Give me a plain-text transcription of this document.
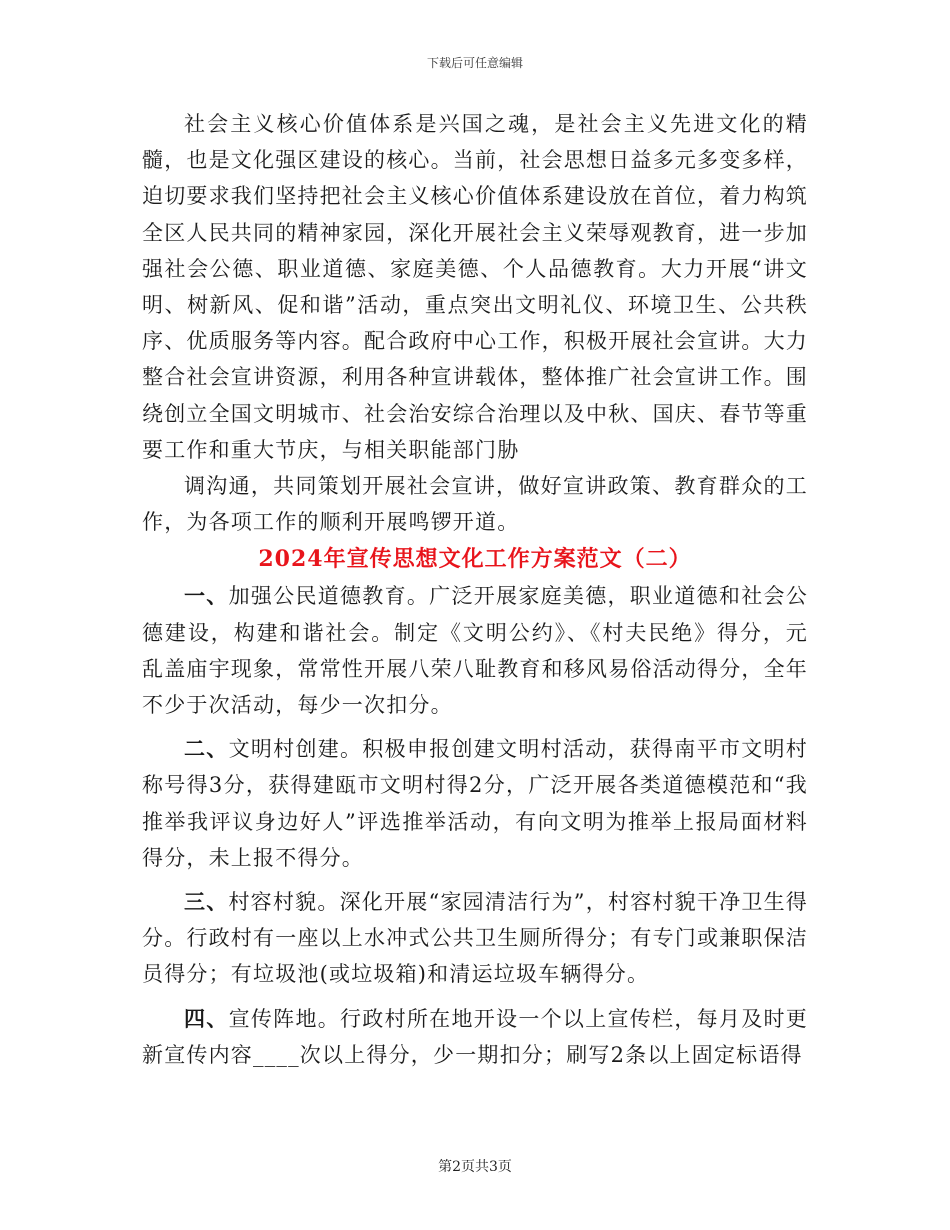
下载后可任意编辑

社会主义核心价值体系是兴国之魂，是社会主义先进文化的精髓，也是文化强区建设的核心。当前，社会思想日益多元多变多样，迫切要求我们坚持把社会主义核心价值体系建设放在首位，着力构筑全区人民共同的精神家园，深化开展社会主义荣辱观教育，进一步加强社会公德、职业道德、家庭美德、个人品德教育。大力开展“讲文明、树新风、促和谐”活动，重点突出文明礼仪、环境卫生、公共秩序、优质服务等内容。配合政府中心工作，积极开展社会宣讲。大力整合社会宣讲资源，利用各种宣讲载体，整体推广社会宣讲工作。围绕创立全国文明城市、社会治安综合治理以及中秋、国庆、春节等重要工作和重大节庆，与相关职能部门胁

调沟通，共同策划开展社会宣讲，做好宣讲政策、教育群众的工作，为各项工作的顺利开展鸣锣开道。

2024年宣传思想文化工作方案范文（二）

一、加强公民道德教育。广泛开展家庭美德，职业道德和社会公德建设，构建和谐社会。制定《文明公约》、《村夫民绝》得分，元乱盖庙宇现象，常常性开展八荣八耻教育和移风易俗活动得分，全年不少于次活动，每少一次扣分。

二、文明村创建。积极申报创建文明村活动，获得南平市文明村称号得3分，获得建瓯市文明村得2分，广泛开展各类道德模范和“我推举我评议身边好人”评选推举活动，有向文明为推举上报局面材料得分，未上报不得分。

三、村容村貌。深化开展“家园清洁行为”，村容村貌干净卫生得分。行政村有一座以上水冲式公共卫生厕所得分；有专门或兼职保洁员得分；有垃圾池(或垃圾箱)和清运垃圾车辆得分。

四、宣传阵地。行政村所在地开设一个以上宣传栏，每月及时更新宣传内容____次以上得分，少一期扣分；刷写2条以上固定标语得

第2页共3页
